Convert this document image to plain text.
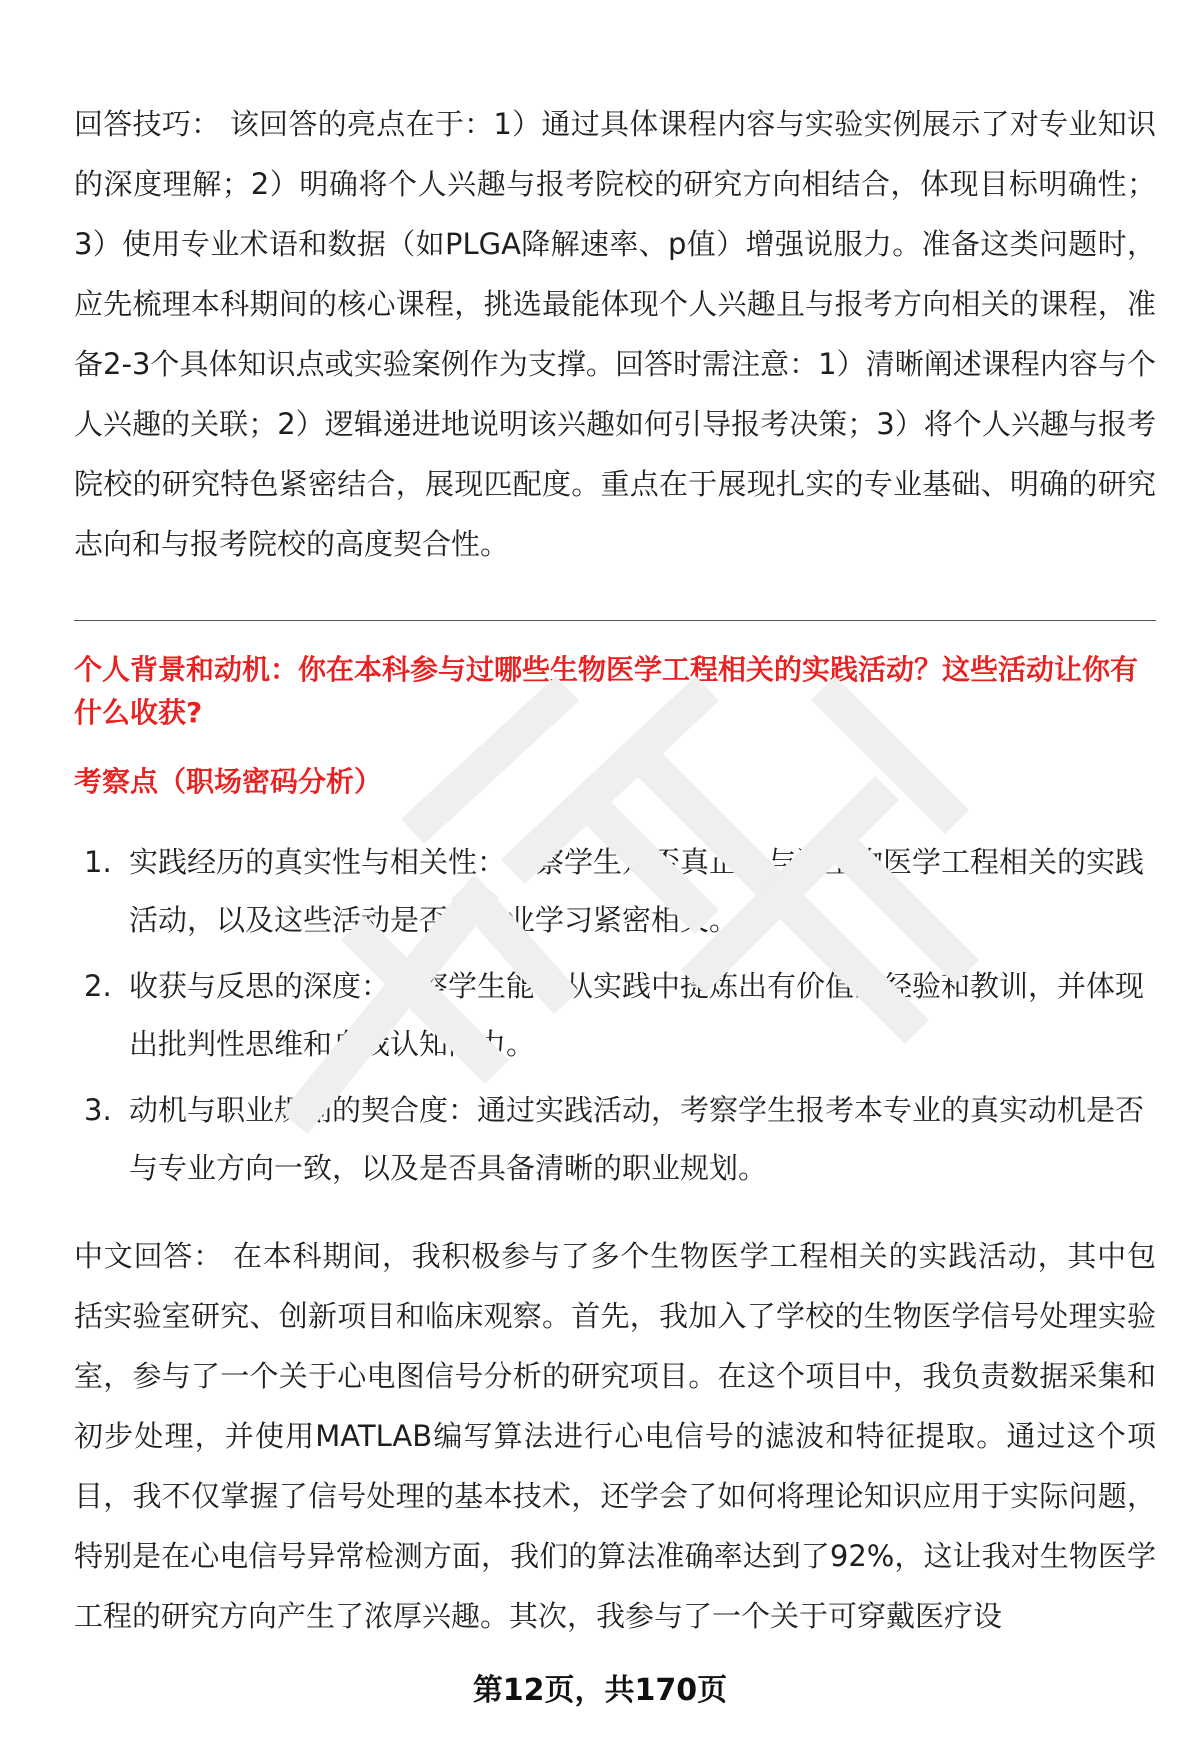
回答技巧： 该回答的亮点在于：1）通过具体课程内容与实验实例展示了对专业知识的深度理解；2）明确将个人兴趣与报考院校的研究方向相结合，体现目标明确性；3）使用专业术语和数据（如PLGA降解速率、p值）增强说服力。准备这类问题时，应先梳理本科期间的核心课程，挑选最能体现个人兴趣且与报考方向相关的课程，准备2-3个具体知识点或实验案例作为支撑。回答时需注意：1）清晰阐述课程内容与个人兴趣的关联；2）逻辑递进地说明该兴趣如何引导报考决策；3）将个人兴趣与报考院校的研究特色紧密结合，展现匹配度。重点在于展现扎实的专业基础、明确的研究志向和与报考院校的高度契合性。

个人背景和动机：你在本科参与过哪些生物医学工程相关的实践活动？这些活动让你有什么收获?

考察点（职场密码分析）

1. 实践经历的真实性与相关性：考察学生是否真正参与过生物医学工程相关的实践活动，以及这些活动是否与专业学习紧密相关。
2. 收获与反思的深度：考察学生能否从实践中提炼出有价值的经验和教训，并体现出批判性思维和自我认知能力。
3. 动机与职业规划的契合度：通过实践活动，考察学生报考本专业的真实动机是否与专业方向一致，以及是否具备清晰的职业规划。

中文回答： 在本科期间，我积极参与了多个生物医学工程相关的实践活动，其中包括实验室研究、创新项目和临床观察。首先，我加入了学校的生物医学信号处理实验室，参与了一个关于心电图信号分析的研究项目。在这个项目中，我负责数据采集和初步处理，并使用MATLAB编写算法进行心电信号的滤波和特征提取。通过这个项目，我不仅掌握了信号处理的基本技术，还学会了如何将理论知识应用于实际问题，特别是在心电信号异常检测方面，我们的算法准确率达到了92%，这让我对生物医学工程的研究方向产生了浓厚兴趣。其次，我参与了一个关于可穿戴医疗设

第12页，共170页
